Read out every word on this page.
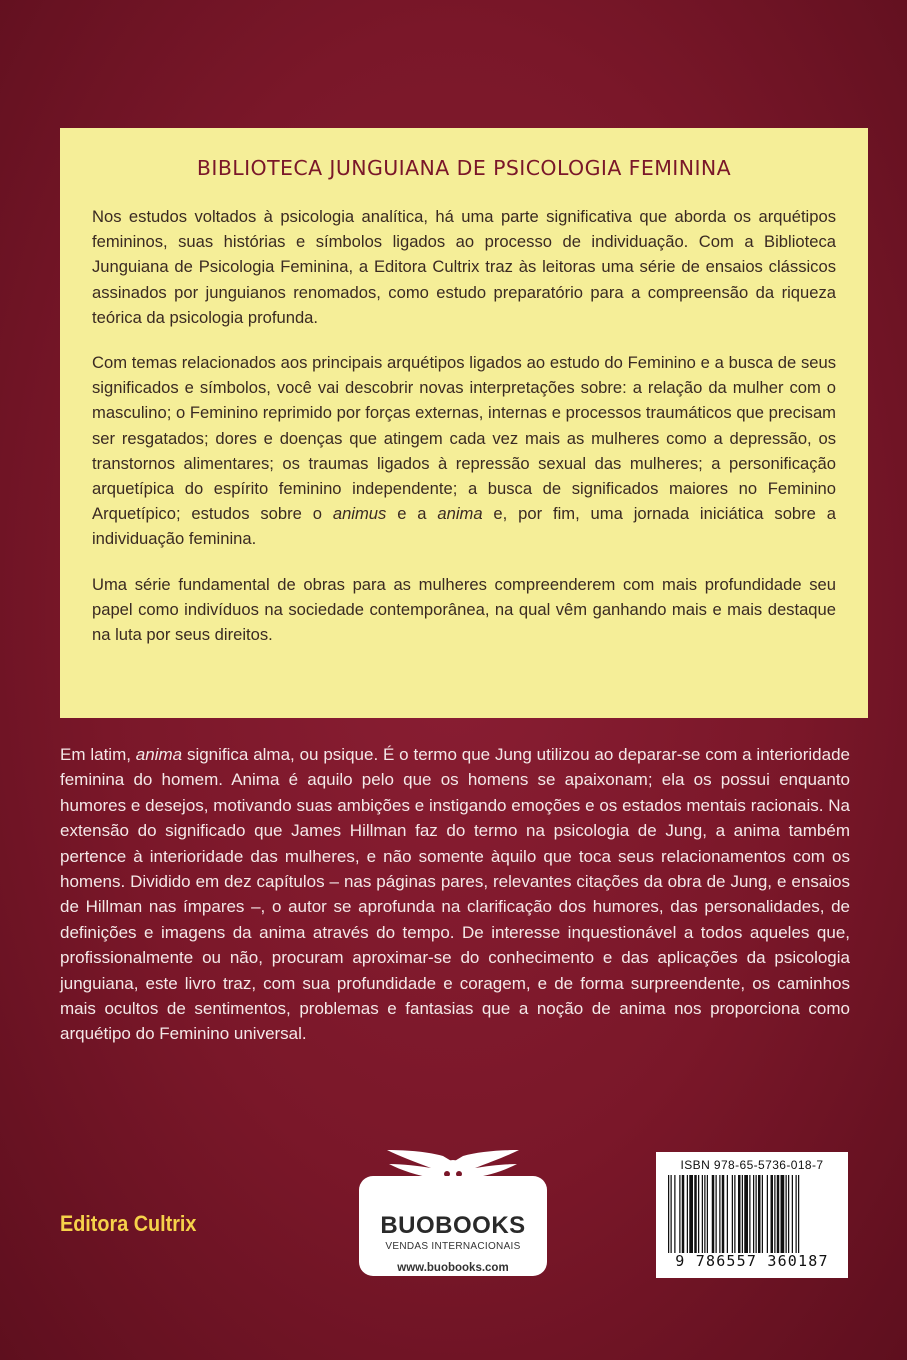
BIBLIOTECA JUNGUIANA DE PSICOLOGIA FEMININA

Nos estudos voltados à psicologia analítica, há uma parte significativa que aborda os arquétipos femininos, suas histórias e símbolos ligados ao processo de individuação. Com a Biblioteca Junguiana de Psicologia Feminina, a Editora Cultrix traz às leitoras uma série de ensaios clássicos assinados por junguianos renomados, como estudo preparatório para a compreensão da riqueza teórica da psicologia profunda.

Com temas relacionados aos principais arquétipos ligados ao estudo do Feminino e a busca de seus significados e símbolos, você vai descobrir novas interpretações sobre: a relação da mulher com o masculino; o Feminino reprimido por forças externas, internas e processos traumáticos que precisam ser resgatados; dores e doenças que atingem cada vez mais as mulheres como a depressão, os transtornos alimentares; os traumas ligados à repressão sexual das mulheres; a personificação arquetípica do espírito feminino independente; a busca de significados maiores no Feminino Arquetípico; estudos sobre o animus e a anima e, por fim, uma jornada iniciática sobre a individuação feminina.

Uma série fundamental de obras para as mulheres compreenderem com mais profundidade seu papel como indivíduos na sociedade contemporânea, na qual vêm ganhando mais e mais destaque na luta por seus direitos.

Em latim, anima significa alma, ou psique. É o termo que Jung utilizou ao deparar-se com a interioridade feminina do homem. Anima é aquilo pelo que os homens se apaixonam; ela os possui enquanto humores e desejos, motivando suas ambições e instigando emoções e os estados mentais racionais. Na extensão do significado que James Hillman faz do termo na psicologia de Jung, a anima também pertence à interioridade das mulheres, e não somente àquilo que toca seus relacionamentos com os homens. Dividido em dez capítulos – nas páginas pares, relevantes citações da obra de Jung, e ensaios de Hillman nas ímpares –, o autor se aprofunda na clarificação dos humores, das personalidades, de definições e imagens da anima através do tempo. De interesse inquestionável a todos aqueles que, profissionalmente ou não, procuram aproximar-se do conhecimento e das aplicações da psicologia junguiana, este livro traz, com sua profundidade e coragem, e de forma surpreendente, os caminhos mais ocultos de sentimentos, problemas e fantasias que a noção de anima nos proporciona como arquétipo do Feminino universal.

Editora Cultrix	BUOBOOKS
VENDAS INTERNACIONAIS
www.buobooks.com
ISBN 978-65-5736-018-7
9 786557 360187
